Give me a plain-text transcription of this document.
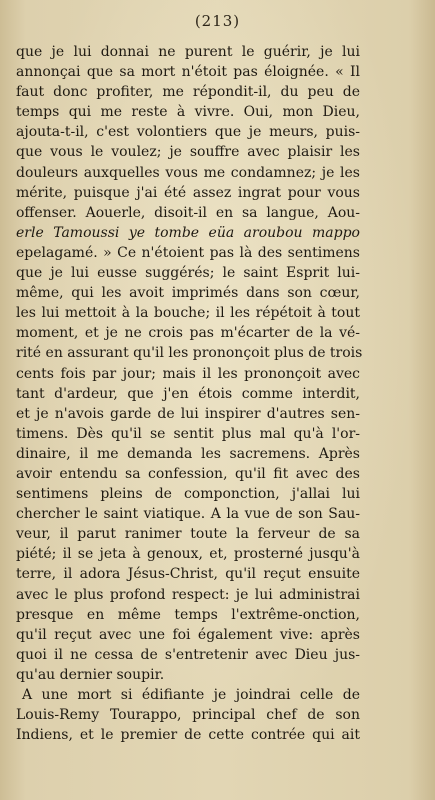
(213)
que je lui donnai ne purent le guérir, je lui
annonçai que sa mort n'étoit pas éloignée. « Il
faut donc profiter, me répondit-il, du peu de
temps qui me reste à vivre. Oui, mon Dieu,
ajouta-t-il, c'est volontiers que je meurs, puis-
que vous le voulez; je souffre avec plaisir les
douleurs auxquelles vous me condamnez; je les
mérite, puisque j'ai été assez ingrat pour vous
offenser. Aouerle, disoit-il en sa langue, Aou-
erle Tamoussi ye tombe eüa aroubou mappo
epelagamé. » Ce n'étoient pas là des sentimens
que je lui eusse suggérés; le saint Esprit lui-
même, qui les avoit imprimés dans son cœur,
les lui mettoit à la bouche; il les répétoit à tout
moment, et je ne crois pas m'écarter de la vé-
rité en assurant qu'il les prononçoit plus de trois
cents fois par jour; mais il les prononçoit avec
tant d'ardeur, que j'en étois comme interdit,
et je n'avois garde de lui inspirer d'autres sen-
timens. Dès qu'il se sentit plus mal qu'à l'or-
dinaire, il me demanda les sacremens. Après
avoir entendu sa confession, qu'il fit avec des
sentimens pleins de componction, j'allai lui
chercher le saint viatique. A la vue de son Sau-
veur, il parut ranimer toute la ferveur de sa
piété; il se jeta à genoux, et, prosterné jusqu'à
terre, il adora Jésus-Christ, qu'il reçut ensuite
avec le plus profond respect: je lui administrai
presque en même temps l'extrême-onction,
qu'il reçut avec une foi également vive: après
quoi il ne cessa de s'entretenir avec Dieu jus-
qu'au dernier soupir.
A une mort si édifiante je joindrai celle de
Louis-Remy Tourappo, principal chef de son
Indiens, et le premier de cette contrée qui ait
